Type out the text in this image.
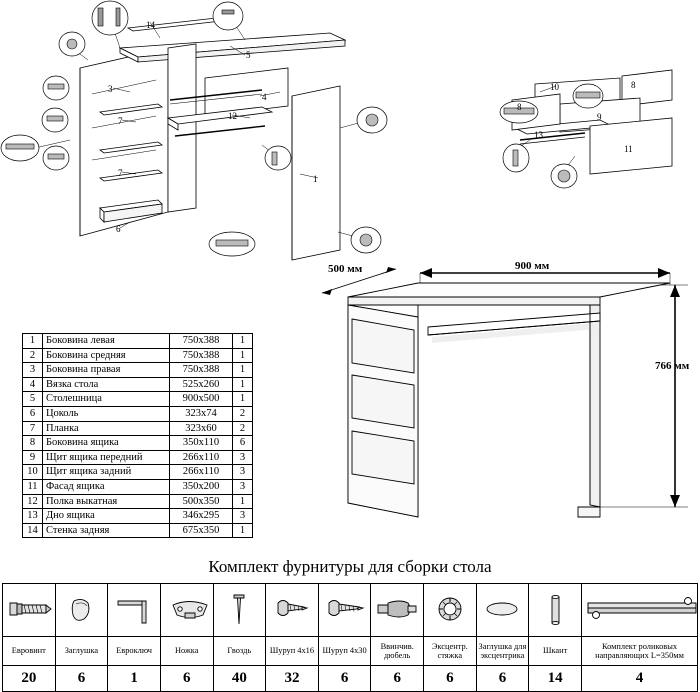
14
5
3
4
7	12
7
1
6
10
8
8
9
13
11
500 мм	900 мм
766 мм
1	Боковина левая	750х388	1
2	Боковина средняя	750х388	1
3	Боковина правая	750х388	1
4	Вязка стола	525х260	1
5	Столешница	900х500	1
6	Цоколь	323х74	2
7	Планка	323х60	2
8	Боковина ящика	350х110	6
9	Щит ящика передний	266х110	3
10	Щит ящика задний	266х110	3
11	Фасад ящика	350х200	3
12	Полка выкатная	500х350	1
13	Дно ящика	346х295	3
14	Стенка задняя	675х350	1
Комплект фурнитуры для сборки стола

Евровинт	Заглушка	Евроключ	Ножка	Гвоздь	Шуруп 4х16	Шуруп 4х30	Ввинчив. дюбель	Эксцентр. стяжка	Заглушка для эксцентрика	Шкант	Комплект роликовых направляющих L=350мм
20	6	1	6	40	32	6	6	6	6	14	4
